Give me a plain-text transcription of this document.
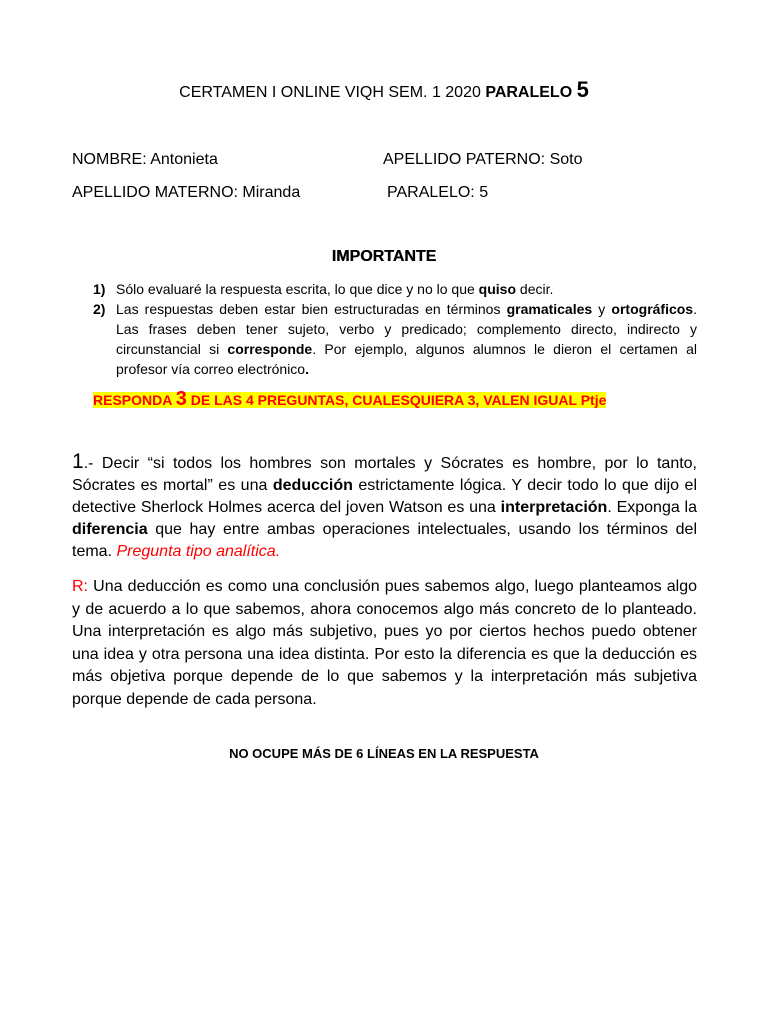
CERTAMEN I ONLINE VIQH SEM. 1 2020 PARALELO 5
NOMBRE: Antonieta	APELLIDO PATERNO: Soto
APELLIDO MATERNO: Miranda	PARALELO: 5
IMPORTANTE
1) Sólo evaluaré la respuesta escrita, lo que dice y no lo que quiso decir.
2) Las respuestas deben estar bien estructuradas en términos gramaticales y ortográficos. Las frases deben tener sujeto, verbo y predicado; complemento directo, indirecto y circunstancial si corresponde. Por ejemplo, algunos alumnos le dieron el certamen al profesor vía correo electrónico.
RESPONDA 3 DE LAS 4 PREGUNTAS, CUALESQUIERA 3, VALEN IGUAL Ptje
1.- Decir “si todos los hombres son mortales y Sócrates es hombre, por lo tanto, Sócrates es mortal” es una deducción estrictamente lógica. Y decir todo lo que dijo el detective Sherlock Holmes acerca del joven Watson es una interpretación. Exponga la diferencia que hay entre ambas operaciones intelectuales, usando los términos del tema. Pregunta tipo analítica.
R: Una deducción es como una conclusión pues sabemos algo, luego planteamos algo y de acuerdo a lo que sabemos, ahora conocemos algo más concreto de lo planteado. Una interpretación es algo más subjetivo, pues yo por ciertos hechos puedo obtener una idea y otra persona una idea distinta. Por esto la diferencia es que la deducción es más objetiva porque depende de lo que sabemos y la interpretación más subjetiva porque depende de cada persona.
NO OCUPE MÁS DE 6 LÍNEAS EN LA RESPUESTA
